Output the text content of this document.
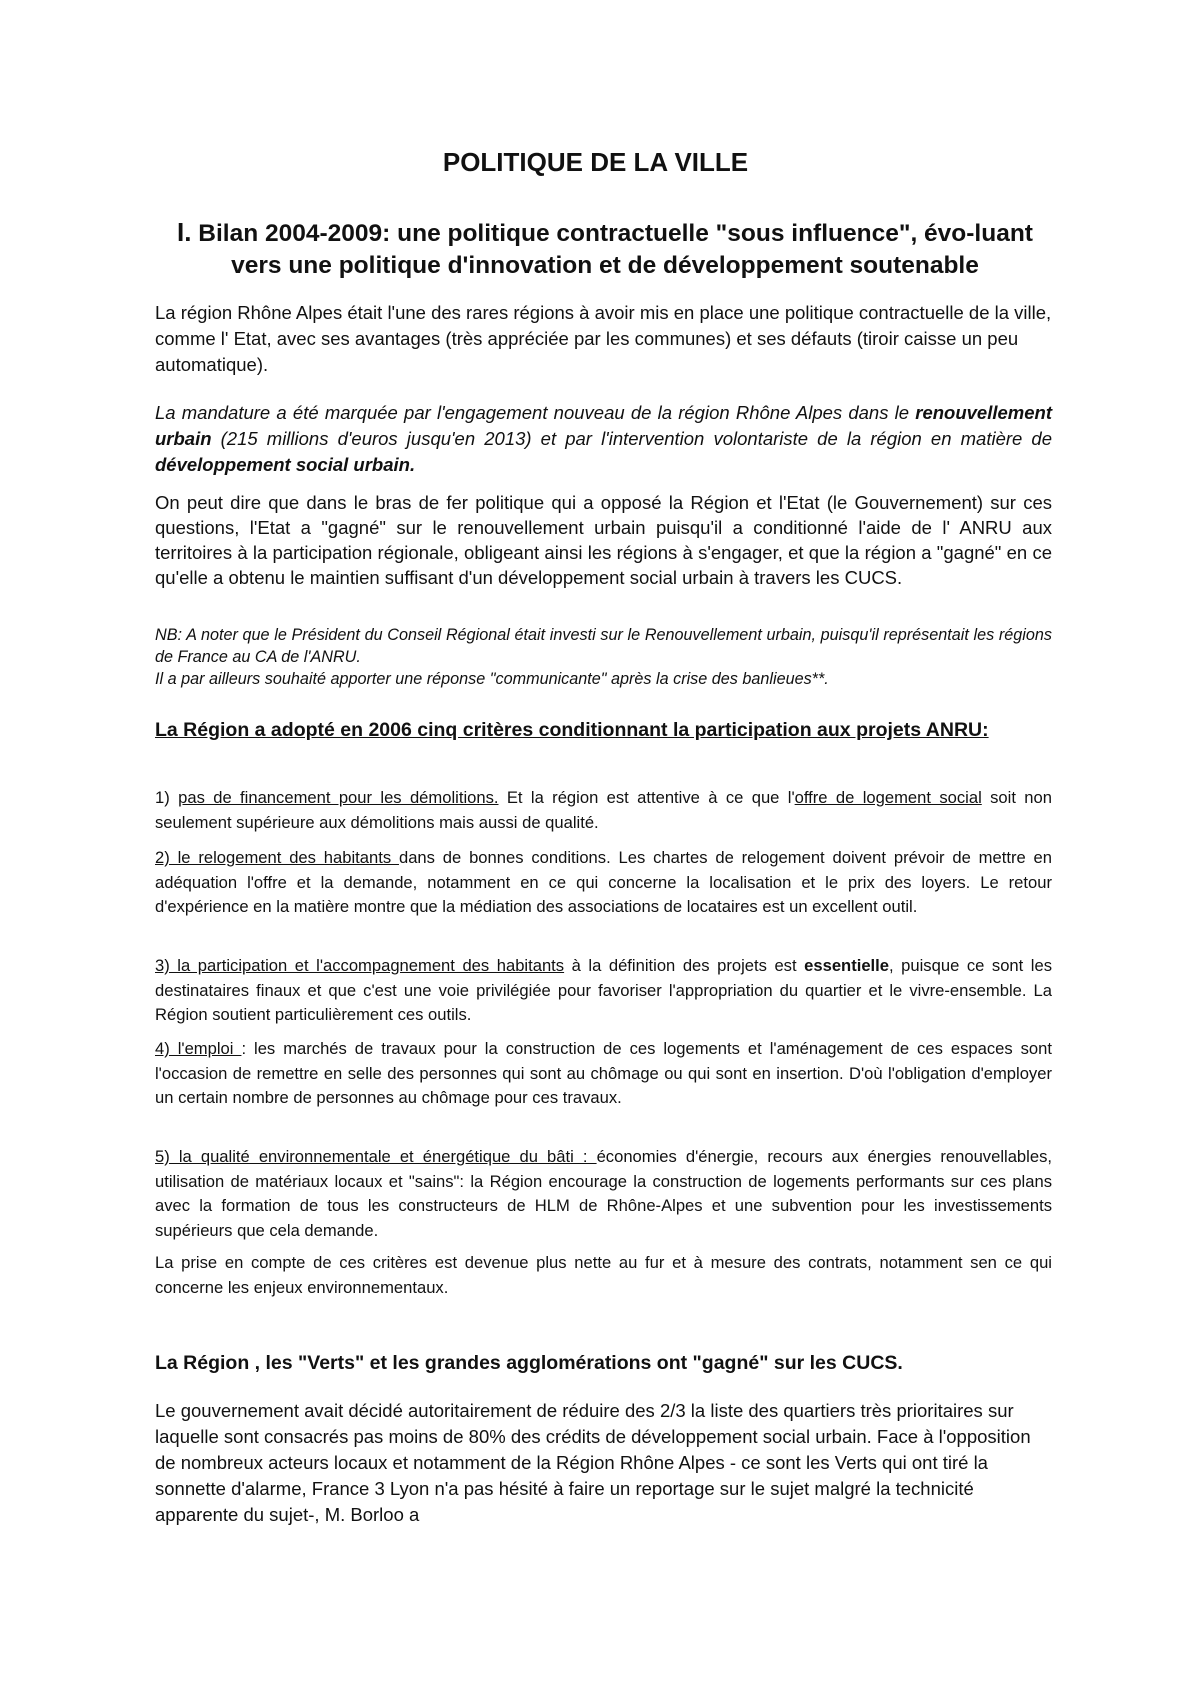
POLITIQUE DE LA VILLE
I. Bilan 2004-2009: une politique contractuelle "sous influence", évo-luant vers une politique d'innovation et de développement soutenable

La région Rhône Alpes était l'une des rares régions à avoir mis en place une politique contractuelle de la ville, comme l' Etat, avec ses avantages (très appréciée par les communes) et ses défauts (tiroir caisse un peu automatique).

La mandature a été marquée par l'engagement nouveau de la région Rhône Alpes dans le renouvellement urbain (215 millions d'euros jusqu'en 2013) et par l'intervention volontariste de la région en matière de développement social urbain.

On peut dire que dans le bras de fer politique qui a opposé la Région et l'Etat (le Gouvernement) sur ces questions, l'Etat a "gagné" sur le renouvellement urbain puisqu'il a conditionné l'aide de l' ANRU aux territoires à la participation régionale, obligeant ainsi les régions à s'engager, et que la région a "gagné" en ce qu'elle a obtenu le maintien suffisant d'un développement social urbain à travers les CUCS.

NB: A noter que le Président du Conseil Régional était investi sur le Renouvellement urbain, puisqu'il représentait les régions de France au CA de l'ANRU.

Il a par ailleurs souhaité apporter une réponse "communicante" après la crise des banlieues**.

La Région a adopté en 2006 cinq critères conditionnant la participation aux projets ANRU:

1) pas de financement pour les démolitions. Et la région est attentive à ce que l'offre de logement social soit non seulement supérieure aux démolitions mais aussi de qualité.

2) le relogement des habitants dans de bonnes conditions. Les chartes de relogement doivent prévoir de mettre en adéquation l'offre et la demande, notamment en ce qui concerne la localisation et le prix des loyers. Le retour d'expérience en la matière montre que la médiation des associations de locataires est un excellent outil.

3) la participation et l'accompagnement des habitants à la définition des projets est essentielle, puisque ce sont les destinataires finaux et que c'est une voie privilégiée pour favoriser l'appropriation du quartier et le vivre-ensemble. La Région soutient particulièrement ces outils.

4) l'emploi : les marchés de travaux pour la construction de ces logements et l'aménagement de ces espaces sont l'occasion de remettre en selle des personnes qui sont au chômage ou qui sont en insertion. D'où l'obligation d'employer un certain nombre de personnes au chômage pour ces travaux.

5) la qualité environnementale et énergétique du bâti : économies d'énergie, recours aux énergies renouvellables, utilisation de matériaux locaux et "sains": la Région encourage la construction de logements performants sur ces plans avec la formation de tous les constructeurs de HLM de Rhône-Alpes et une subvention pour les investissements supérieurs que cela demande.

La prise en compte de ces critères est devenue plus nette au fur et à mesure des contrats, notamment sen ce qui concerne les enjeux environnementaux.

La Région , les "Verts" et les grandes agglomérations ont "gagné" sur les CUCS.

Le gouvernement avait décidé autoritairement de réduire des 2/3 la liste des quartiers très prioritaires sur laquelle sont consacrés pas moins de 80% des crédits de développement social urbain. Face à l'opposition de nombreux acteurs locaux et notamment de la Région Rhône Alpes - ce sont les Verts qui ont tiré la sonnette d'alarme, France 3 Lyon n'a pas hésité à faire un reportage sur le sujet malgré la technicité apparente du sujet-, M. Borloo a
